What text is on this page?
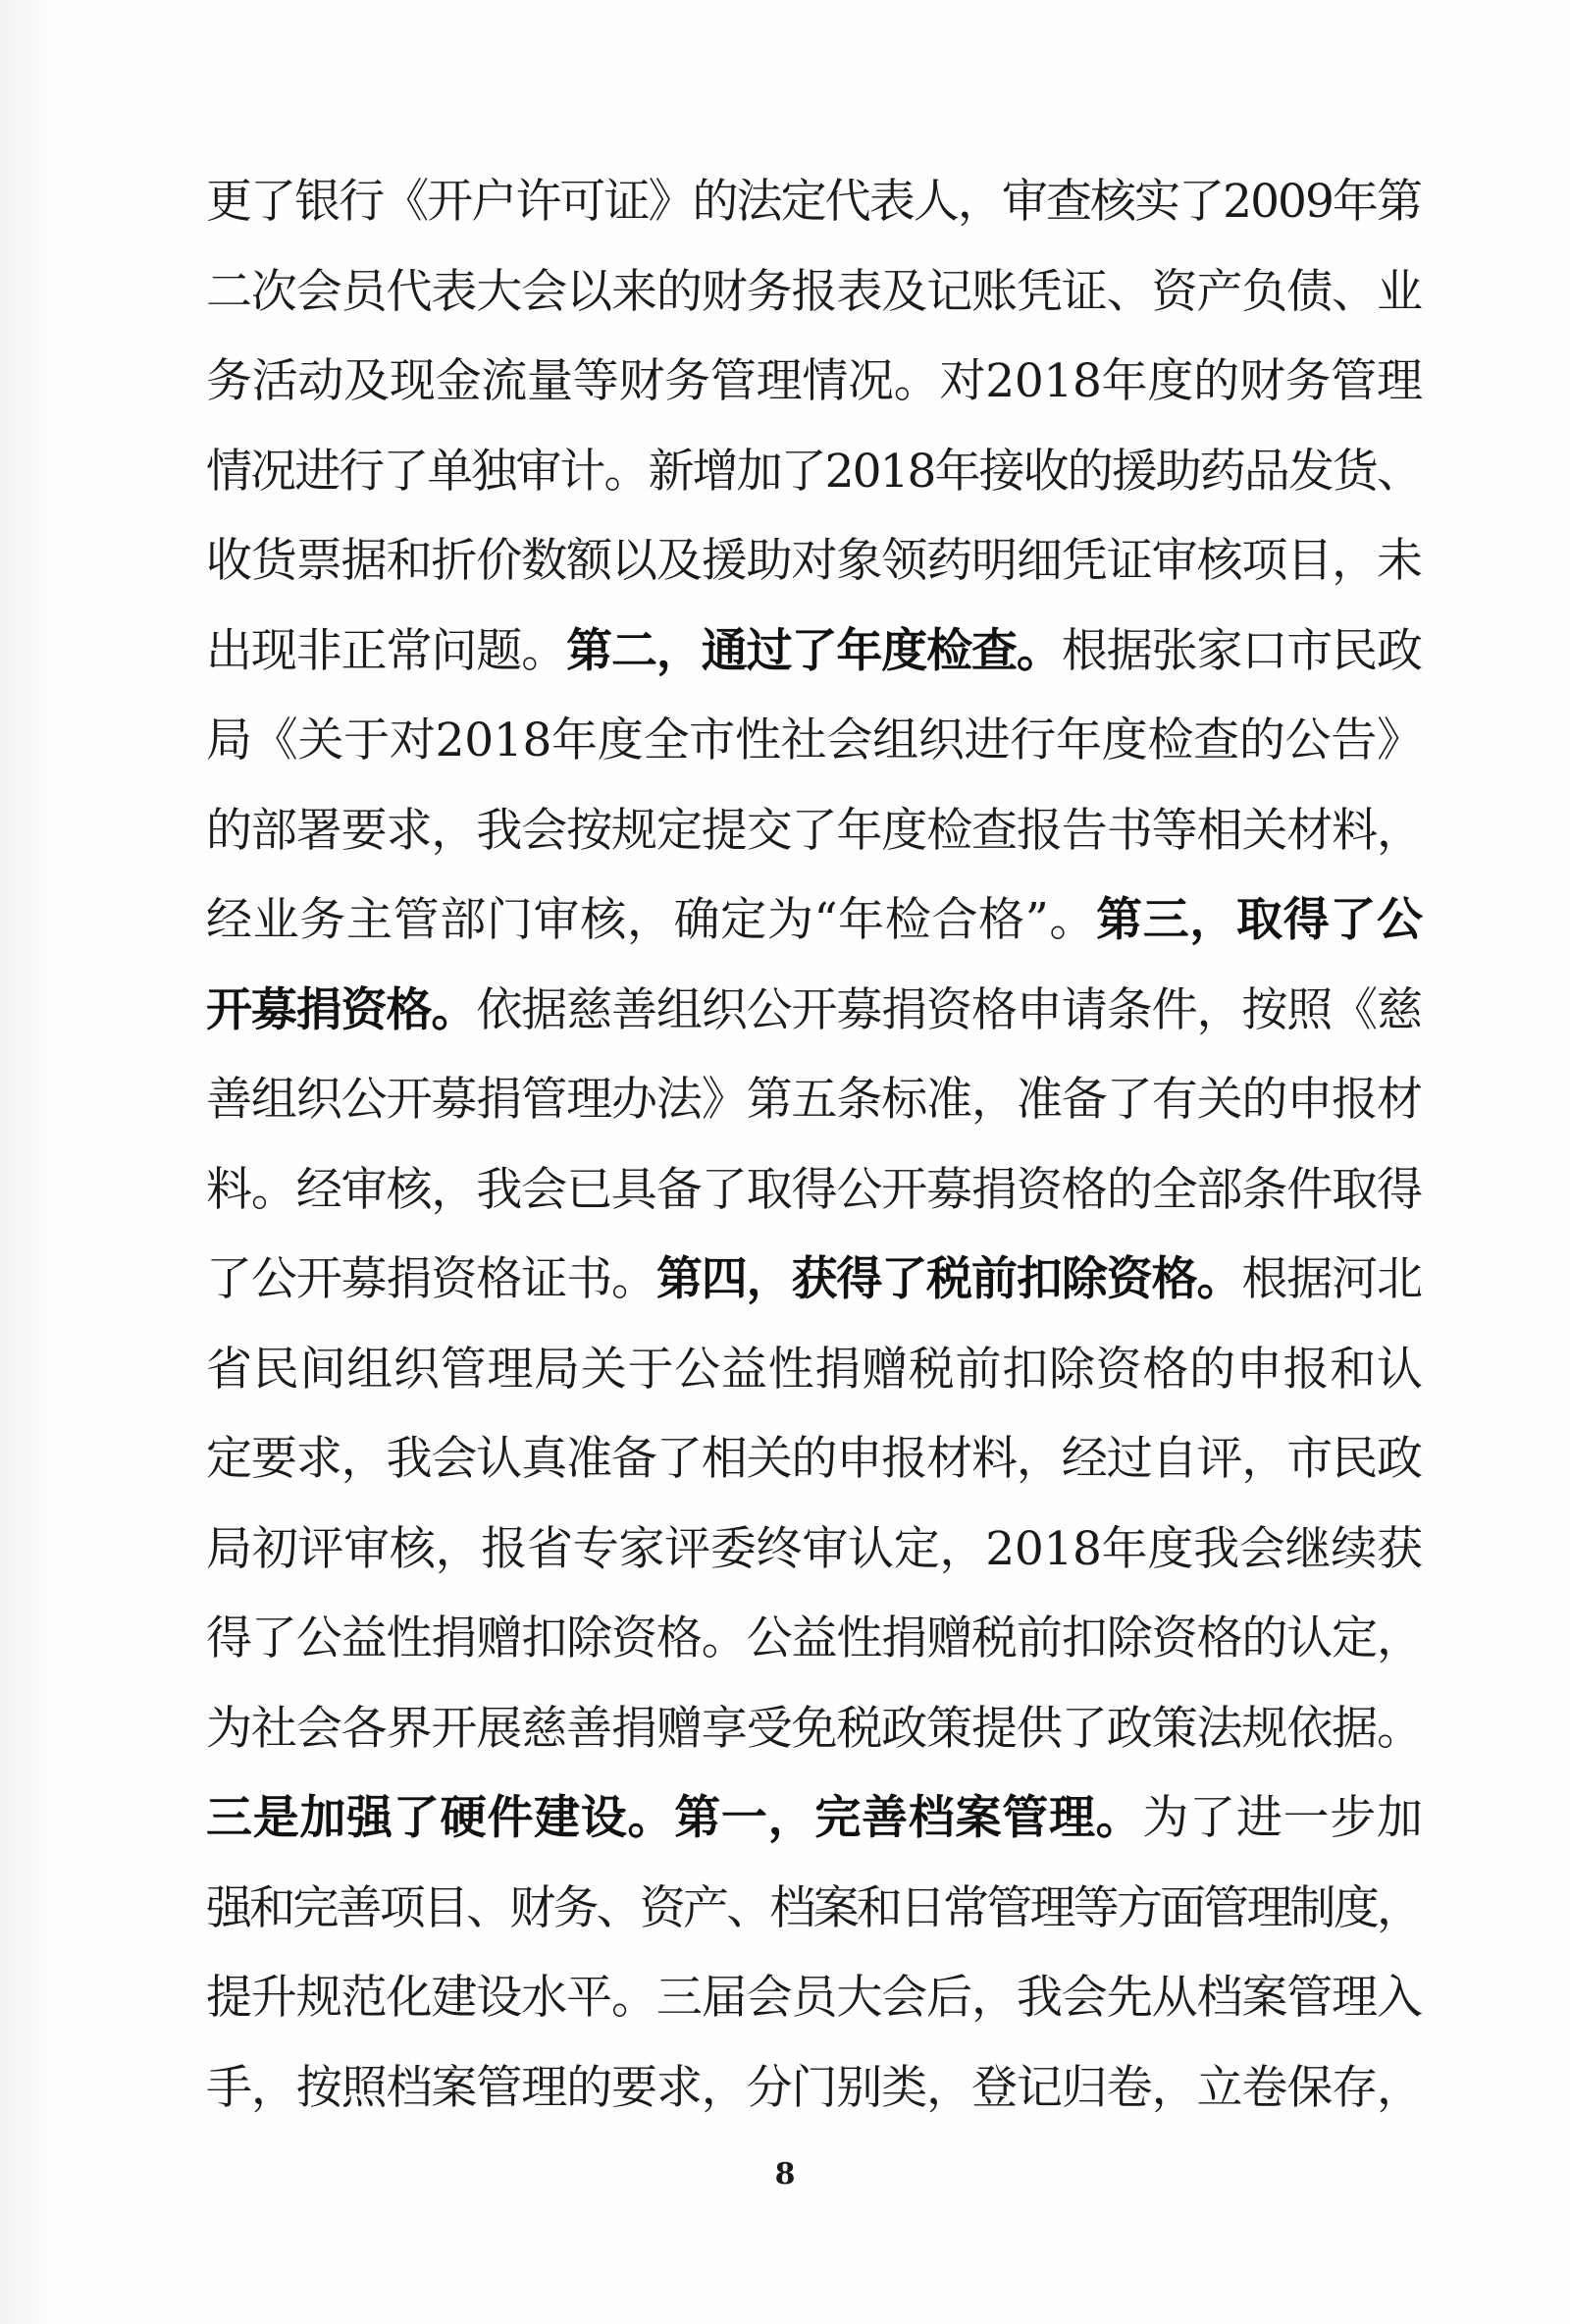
更了银行《开户许可证》的法定代表人，审查核实了2009年第
二次会员代表大会以来的财务报表及记账凭证、资产负债、业
务活动及现金流量等财务管理情况。对2018年度的财务管理
情况进行了单独审计。新增加了2018年接收的援助药品发货、
收货票据和折价数额以及援助对象领药明细凭证审核项目，未
出现非正常问题。第二，通过了年度检查。根据张家口市民政
局《关于对2018年度全市性社会组织进行年度检查的公告》
的部署要求，我会按规定提交了年度检查报告书等相关材料，
经业务主管部门审核，确定为“年检合格”。第三，取得了公
开募捐资格。依据慈善组织公开募捐资格申请条件，按照《慈
善组织公开募捐管理办法》第五条标准，准备了有关的申报材
料。经审核，我会已具备了取得公开募捐资格的全部条件取得
了公开募捐资格证书。第四，获得了税前扣除资格。根据河北
省民间组织管理局关于公益性捐赠税前扣除资格的申报和认
定要求，我会认真准备了相关的申报材料，经过自评，市民政
局初评审核，报省专家评委终审认定，2018年度我会继续获
得了公益性捐赠扣除资格。公益性捐赠税前扣除资格的认定，
为社会各界开展慈善捐赠享受免税政策提供了政策法规依据。
三是加强了硬件建设。第一，完善档案管理。为了进一步加
强和完善项目、财务、资产、档案和日常管理等方面管理制度，
提升规范化建设水平。三届会员大会后，我会先从档案管理入
手，按照档案管理的要求，分门别类，登记归卷，立卷保存，
8
